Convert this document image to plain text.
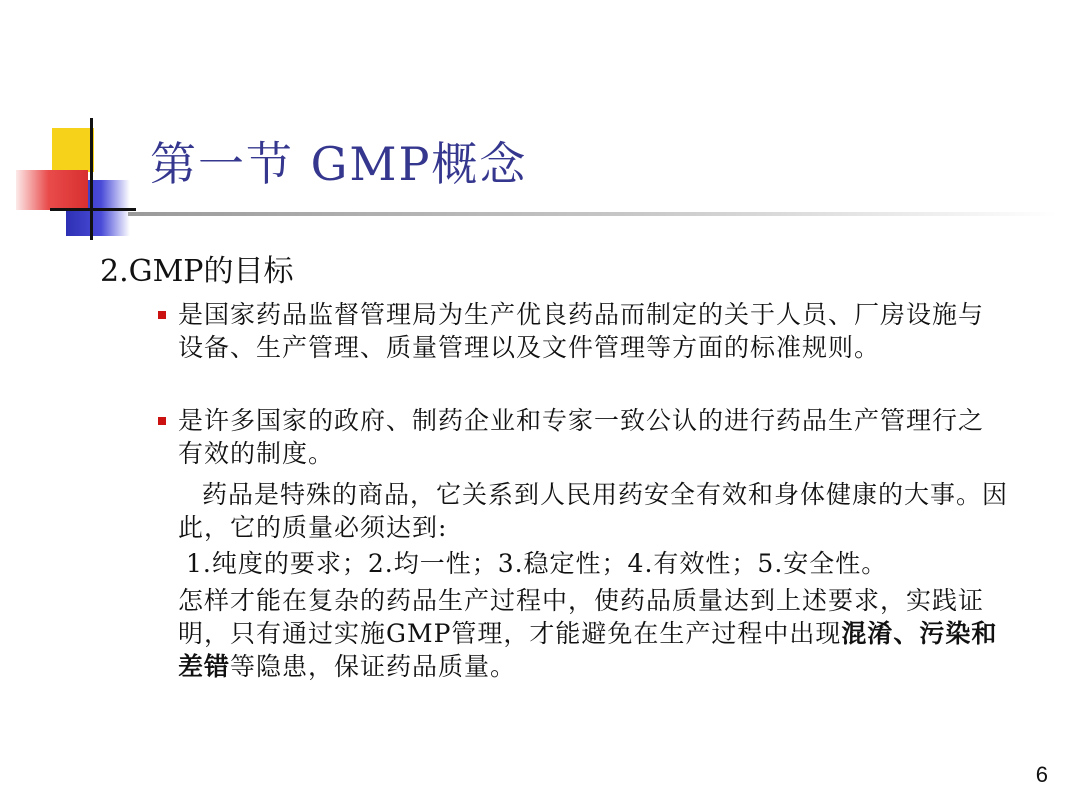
第一节 GMP概念
2.GMP的目标
是国家药品监督管理局为生产优良药品而制定的关于人员、厂房设施与设备、生产管理、质量管理以及文件管理等方面的标准规则。
是许多国家的政府、制药企业和专家一致公认的进行药品生产管理行之有效的制度。
药品是特殊的商品，它关系到人民用药安全有效和身体健康的大事。因此，它的质量必须达到:
1.纯度的要求；2.均一性；3.稳定性；4.有效性；5.安全性。
怎样才能在复杂的药品生产过程中，使药品质量达到上述要求，实践证明，只有通过实施GMP管理，才能避免在生产过程中出现混淆、污染和差错等隐患，保证药品质量。
6
